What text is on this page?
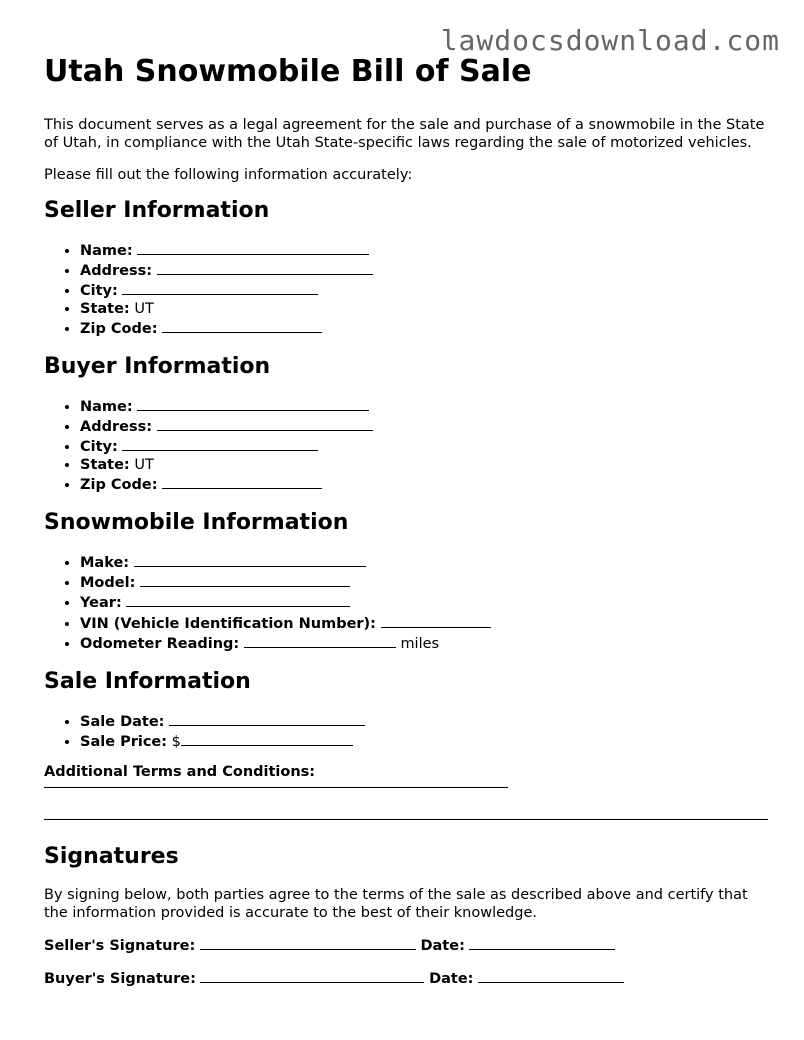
lawdocsdownload.com
Utah Snowmobile Bill of Sale

This document serves as a legal agreement for the sale and purchase of a snowmobile in the State of Utah, in compliance with the Utah State-specific laws regarding the sale of motorized vehicles.

Please fill out the following information accurately:

Seller Information
• Name:
• Address:
• City:
• State: UT
• Zip Code:
Buyer Information
• Name:
• Address:
• City:
• State: UT
• Zip Code:
Snowmobile Information
• Make:
• Model:
• Year:
• VIN (Vehicle Identification Number):
• Odometer Reading:	miles
Sale Information
• Sale Date:
• Sale Price: $
Additional Terms and Conditions:
Signatures

By signing below, both parties agree to the terms of the sale as described above and certify that the information provided is accurate to the best of their knowledge.

Seller's Signature:	Date:
Buyer's Signature:	Date:
